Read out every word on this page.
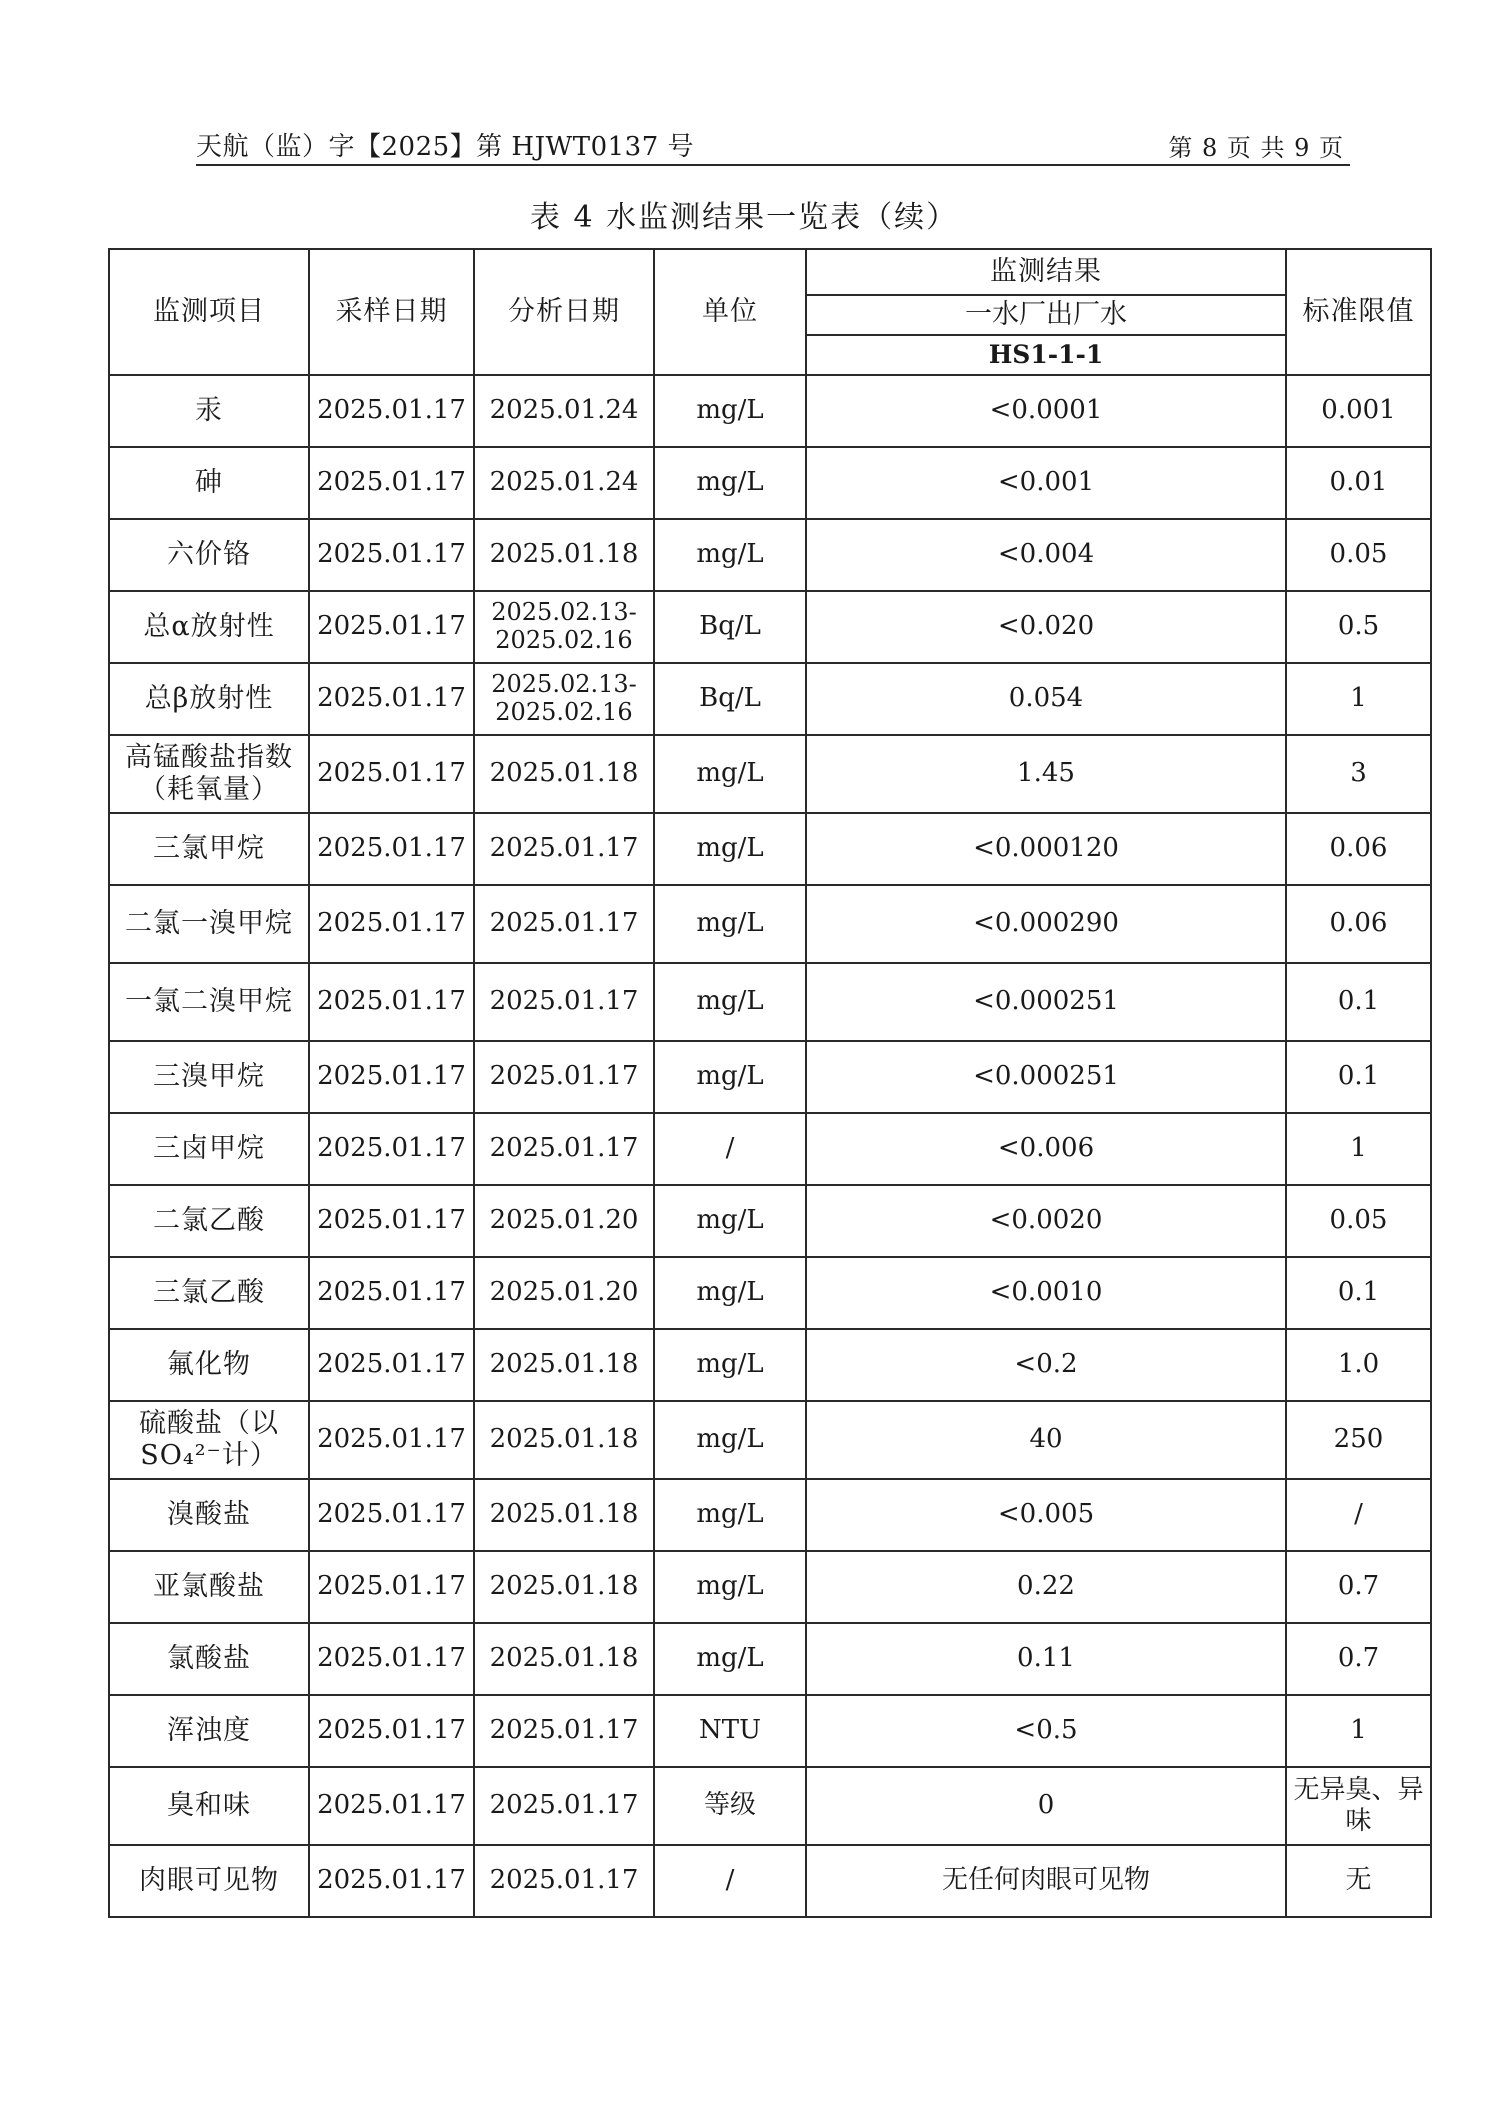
天航（监）字【2025】第 HJWT0137 号	第 8 页 共 9 页
表 4 水监测结果一览表（续）
监测项目	采样日期	分析日期	单位	监测结果	标准限值
				一水厂出厂水	
				HS1-1-1	
汞	2025.01.17	2025.01.24	mg/L	<0.0001	0.001
砷	2025.01.17	2025.01.24	mg/L	<0.001	0.01
六价铬	2025.01.17	2025.01.18	mg/L	<0.004	0.05
总α放射性	2025.01.17	2025.02.13-2025.02.16	Bq/L	<0.020	0.5
总β放射性	2025.01.17	2025.02.13-2025.02.16	Bq/L	0.054	1
高锰酸盐指数（耗氧量）	2025.01.17	2025.01.18	mg/L	1.45	3
三氯甲烷	2025.01.17	2025.01.17	mg/L	<0.000120	0.06
二氯一溴甲烷	2025.01.17	2025.01.17	mg/L	<0.000290	0.06
一氯二溴甲烷	2025.01.17	2025.01.17	mg/L	<0.000251	0.1
三溴甲烷	2025.01.17	2025.01.17	mg/L	<0.000251	0.1
三卤甲烷	2025.01.17	2025.01.17	/	<0.006	1
二氯乙酸	2025.01.17	2025.01.20	mg/L	<0.0020	0.05
三氯乙酸	2025.01.17	2025.01.20	mg/L	<0.0010	0.1
氟化物	2025.01.17	2025.01.18	mg/L	<0.2	1.0
硫酸盐（以SO₄²⁻计）	2025.01.17	2025.01.18	mg/L	40	250
溴酸盐	2025.01.17	2025.01.18	mg/L	<0.005	/
亚氯酸盐	2025.01.17	2025.01.18	mg/L	0.22	0.7
氯酸盐	2025.01.17	2025.01.18	mg/L	0.11	0.7
浑浊度	2025.01.17	2025.01.17	NTU	<0.5	1
臭和味	2025.01.17	2025.01.17	等级	0	无异臭、异味
肉眼可见物	2025.01.17	2025.01.17	/	无任何肉眼可见物	无
